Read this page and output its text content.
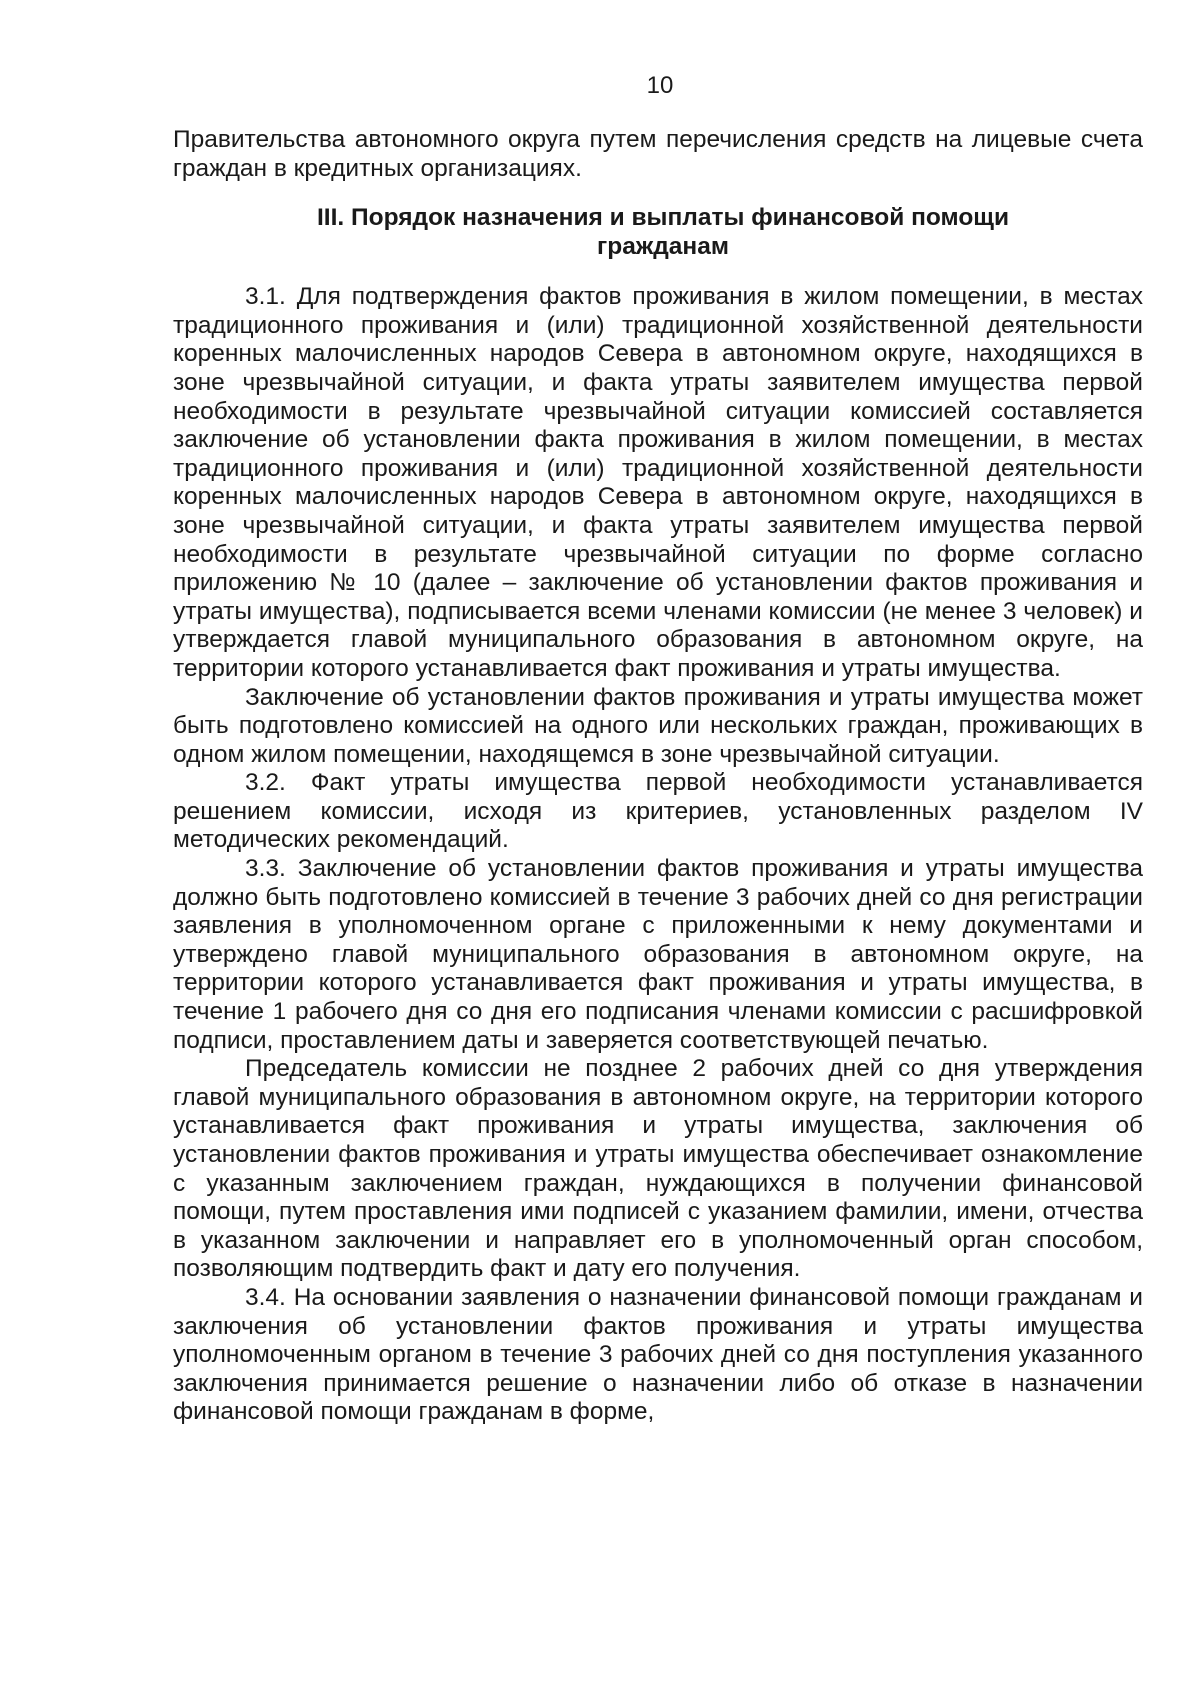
10

Правительства автономного округа путем перечисления средств на лицевые счета граждан в кредитных организациях.

III. Порядок назначения и выплаты финансовой помощи
гражданам

3.1. Для подтверждения фактов проживания в жилом помещении, в местах традиционного проживания и (или) традиционной хозяйственной деятельности коренных малочисленных народов Севера в автономном округе, находящихся в зоне чрезвычайной ситуации, и факта утраты заявителем имущества первой необходимости в результате чрезвычайной ситуации комиссией составляется заключение об установлении факта проживания в жилом помещении, в местах традиционного проживания и (или) традиционной хозяйственной деятельности коренных малочисленных народов Севера в автономном округе, находящихся в зоне чрезвычайной ситуации, и факта утраты заявителем имущества первой необходимости в результате чрезвычайной ситуации по форме согласно приложению № 10 (далее – заключение об установлении фактов проживания и утраты имущества), подписывается всеми членами комиссии (не менее 3 человек) и утверждается главой муниципального образования в автономном округе, на территории которого устанавливается факт проживания и утраты имущества.

Заключение об установлении фактов проживания и утраты имущества может быть подготовлено комиссией на одного или нескольких граждан, проживающих в одном жилом помещении, находящемся в зоне чрезвычайной ситуации.

3.2. Факт утраты имущества первой необходимости устанавливается решением комиссии, исходя из критериев, установленных разделом IV методических рекомендаций.

3.3. Заключение об установлении фактов проживания и утраты имущества должно быть подготовлено комиссией в течение 3 рабочих дней со дня регистрации заявления в уполномоченном органе с приложенными к нему документами и утверждено главой муниципального образования в автономном округе, на территории которого устанавливается факт проживания и утраты имущества, в течение 1 рабочего дня со дня его подписания членами комиссии с расшифровкой подписи, проставлением даты и заверяется соответствующей печатью.

Председатель комиссии не позднее 2 рабочих дней со дня утверждения главой муниципального образования в автономном округе, на территории которого устанавливается факт проживания и утраты имущества, заключения об установлении фактов проживания и утраты имущества обеспечивает ознакомление с указанным заключением граждан, нуждающихся в получении финансовой помощи, путем проставления ими подписей с указанием фамилии, имени, отчества в указанном заключении и направляет его в уполномоченный орган способом, позволяющим подтвердить факт и дату его получения.

3.4. На основании заявления о назначении финансовой помощи гражданам и заключения об установлении фактов проживания и утраты имущества уполномоченным органом в течение 3 рабочих дней со дня поступления указанного заключения принимается решение о назначении либо об отказе в назначении финансовой помощи гражданам в форме,
